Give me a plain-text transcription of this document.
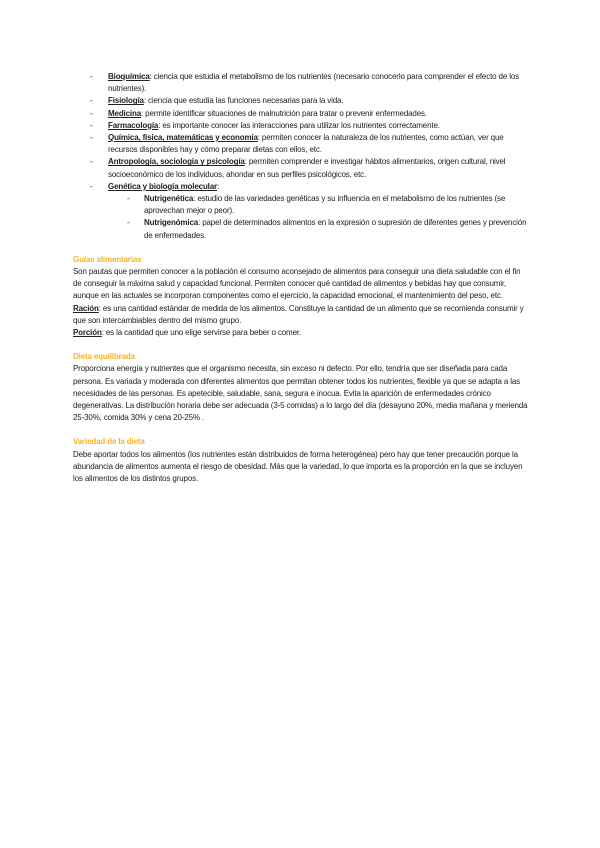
- Bioquímica: ciencia que estudia el metabolismo de los nutrientes (necesario conocerlo para comprender el efecto de los nutrientes).
- Fisiología: ciencia que estudia las funciones necesarias para la vida.
- Medicina: permite identificar situaciones de malnutrición para tratar o prevenir enfermedades.
- Farmacología: es importante conocer las interacciones para utilizar los nutrientes correctamente.
- Química, física, matemáticas y economía: permiten conocer la naturaleza de los nutrientes, como actúan, ver que recursos disponibles hay y cómo preparar dietas con ellos, etc.
- Antropología, sociología y psicología: permiten comprender e investigar hábitos alimentarios, origen cultural, nivel socioeconómico de los individuos, ahondar en sus perfiles psicológicos, etc.
- Genética y biología molecular:
- Nutrigenética: estudio de las variedades genéticas y su influencia en el metabolismo de los nutrientes (se aprovechan mejor o peor).
- Nutrigenómica: papel de determinados alimentos en la expresión o supresión de diferentes genes y prevención de enfermedades.
Guías alimentarias

Son pautas que permiten conocer a la población el consumo aconsejado de alimentos para conseguir una dieta saludable con el fin de conseguir la máxima salud y capacidad funcional. Permiten conocer qué cantidad de alimentos y bebidas hay que consumir, aunque en las actuales se incorporan componentes como el ejercicio, la capacidad emocional, el mantenimiento del peso, etc.

Ración: es una cantidad estándar de medida de los alimentos. Constituye la cantidad de un alimento que se recomienda consumir y que son intercambiables dentro del mismo grupo.

Porción: es la cantidad que uno elige servirse para beber o comer.

Dieta equilibrada

Proporciona energía y nutrientes que el organismo necesita, sin exceso ni defecto. Por ello, tendría que ser diseñada para cada persona. Es variada y moderada con diferentes alimentos que permitan obtener todos los nutrientes, flexible ya que se adapta a las necesidades de las personas. Es apetecible, saludable, sana, segura e inocua. Evita la aparición de enfermedades crónico degenerativas. La distribución horaria debe ser adecuada (3-5 comidas) a lo largo del día (desayuno 20%, media mañana y merienda 25-30%, comida 30% y cena 20-25% .

Variedad de la dieta

Debe aportar todos los alimentos (los nutrientes están distribuidos de forma heterogénea) pero hay que tener precaución porque la abundancia de alimentos aumenta el riesgo de obesidad. Más que la variedad, lo que importa es la proporción en la que se incluyen los alimentos de los distintos grupos.
